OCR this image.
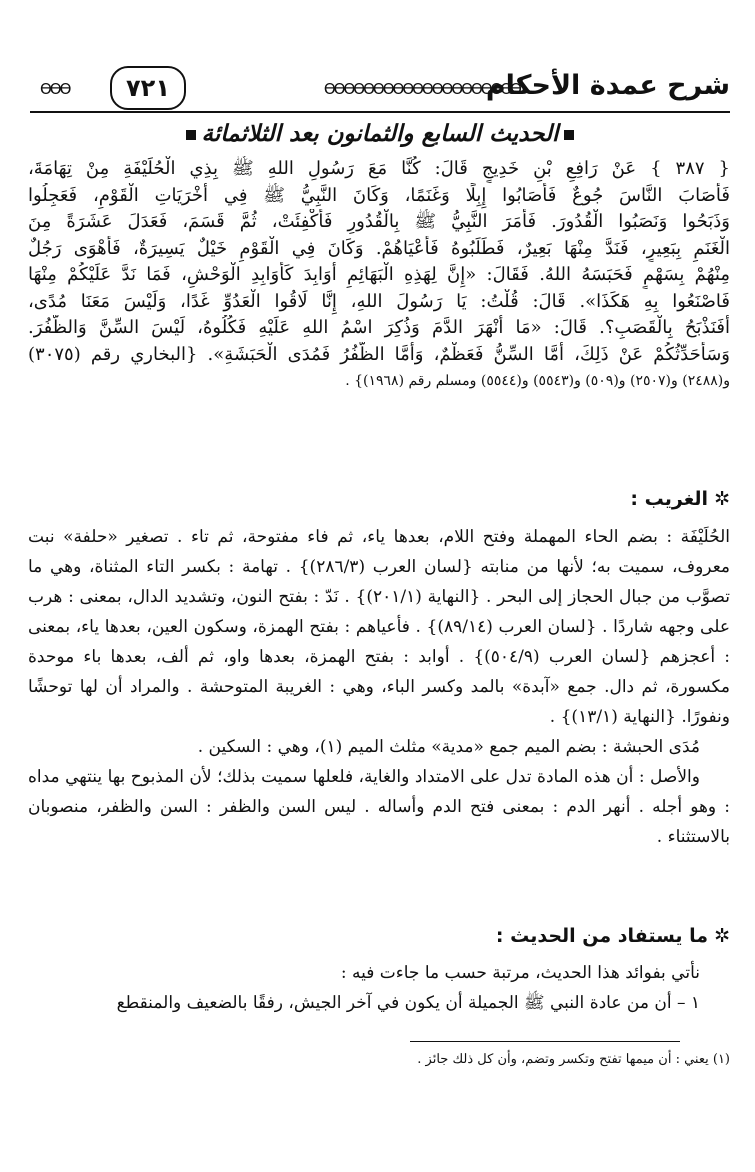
شرح عمدة الأحكام
ӨӨӨӨӨӨӨӨӨӨӨӨӨӨӨӨӨӨӨӨ
٧٢١
ӨӨӨ
الحديث السابع والثمانون بعد الثلاثمائة
{ ٣٨٧ } عَنْ رَافِعِ بْنِ خَدِيجٍ قَالَ: كُنَّا مَعَ رَسُولِ اللهِ ﷺ بِذِي الْحُلَيْفَةِ مِنْ تِهَامَةَ،
فَأَصَابَ النَّاسَ جُوعٌ فَأَصَابُوا إِبِلًا وَغَنَمًا، وَكَانَ النَّبِيُّ ﷺ فِي أُخْرَيَاتِ الْقَوْمِ، فَعَجِلُوا
وَذَبَحُوا وَنَصَبُوا الْقُدُورَ. فَأَمَرَ النَّبِيُّ ﷺ بِالْقُدُورِ فَأُكْفِئَتْ، ثُمَّ قَسَمَ، فَعَدَلَ عَشَرَةً مِنَ
الْغَنَمِ بِبَعِيرٍ، فَنَدَّ مِنْهَا بَعِيرٌ، فَطَلَبُوهُ فَأَعْيَاهُمْ. وَكَانَ فِي الْقَوْمِ خَيْلٌ يَسِيرَةٌ، فَأَهْوَى رَجُلٌ
مِنْهُمْ بِسَهْمٍ فَحَبَسَهُ اللهُ. فَقَالَ: «إِنَّ لِهَذِهِ الْبَهَائِمِ أَوَابِدَ كَأَوَابِدِ الْوَحْشِ، فَمَا نَدَّ عَلَيْكُمْ مِنْهَا
فَاصْنَعُوا بِهِ هَكَذَا». قَالَ: قُلْتُ: يَا رَسُولَ اللهِ، إِنَّا لَاقُوا الْعَدُوِّ غَدًا، وَلَيْسَ مَعَنَا مُدًى،
أَفَنَذْبَحُ بِالْقَصَبِ؟. قَالَ: «مَا أَنْهَرَ الدَّمَ وَذُكِرَ اسْمُ اللهِ عَلَيْهِ فَكُلُوهُ، لَيْسَ السِّنَّ وَالظُّفُرَ.
وَسَأُحَدِّثُكُمْ عَنْ ذَلِكَ، أَمَّا السِّنُّ فَعَظْمٌ، وَأَمَّا الظُّفُرُ فَمُدَى الْحَبَشَةِ». {البخاري رقم (٣٠٧٥)
و(٢٤٨٨) و(٢٥٠٧) و(٥٠٩) و(٥٥٤٣) و(٥٥٤٤) ومسلم رقم (١٩٦٨)} .
✲الغريب :

الحُلَيْفَة : بضم الحاء المهملة وفتح اللام، بعدها ياء، ثم فاء مفتوحة، ثم تاء . تصغير «حلفة» نبت معروف، سميت به؛ لأنها من منابته {لسان العرب (٢٨٦/٣)} . تهامة : بكسر التاء المثناة، وهي ما تصوَّب من جبال الحجاز إلى البحر . {النهاية (٢٠١/١)} . نَدّ : بفتح النون، وتشديد الدال، بمعنى : هرب على وجهه شاردًا . {لسان العرب (٨٩/١٤)} . فأعياهم : بفتح الهمزة، وسكون العين، بعدها ياء، بمعنى : أعجزهم {لسان العرب (٥٠٤/٩)} . أوابد : بفتح الهمزة، بعدها واو، ثم ألف، بعدها باء موحدة مكسورة، ثم دال. جمع «آبدة» بالمد وكسر الباء، وهي : الغريبة المتوحشة . والمراد أن لها توحشًا ونفورًا. {النهاية (١٣/١)} .

مُدَى الحبشة : بضم الميم جمع «مدية» مثلث الميم (١)، وهي : السكين .

والأصل : أن هذه المادة تدل على الامتداد والغاية، فلعلها سميت بذلك؛ لأن المذبوح بها ينتهي مداه : وهو أجله . أنهر الدم : بمعنى فتح الدم وأساله . ليس السن والظفر : السن والظفر، منصوبان بالاستثناء .

✲ما يستفاد من الحديث :

نأتي بفوائد هذا الحديث، مرتبة حسب ما جاءت فيه :

١ – أن من عادة النبي ﷺ الجميلة أن يكون في آخر الجيش، رفقًا بالضعيف والمنقطع

(١) يعني : أن ميمها تفتح وتكسر وتضم، وأن كل ذلك جائز .
